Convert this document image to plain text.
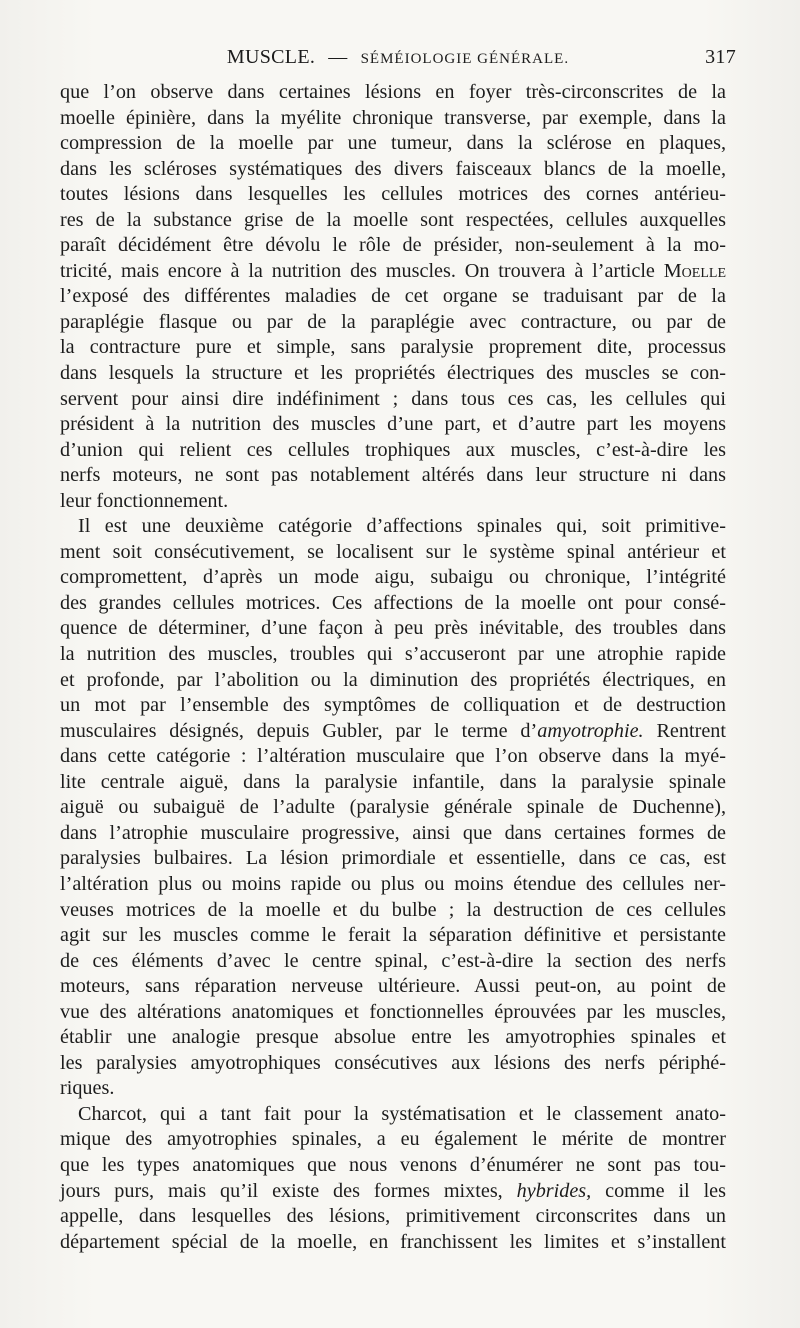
MUSCLE. — SÉMÉIOLOGIE GÉNÉRALE.	317
que l’on observe dans certaines lésions en foyer très-circonscrites de la
moelle épinière, dans la myélite chronique transverse, par exemple, dans la
compression de la moelle par une tumeur, dans la sclérose en plaques,
dans les scléroses systématiques des divers faisceaux blancs de la moelle,
toutes lésions dans lesquelles les cellules motrices des cornes antérieu-
res de la substance grise de la moelle sont respectées, cellules auxquelles
paraît décidément être dévolu le rôle de présider, non-seulement à la mo-
tricité, mais encore à la nutrition des muscles. On trouvera à l’article Moelle
l’exposé des différentes maladies de cet organe se traduisant par de la
paraplégie flasque ou par de la paraplégie avec contracture, ou par de
la contracture pure et simple, sans paralysie proprement dite, processus
dans lesquels la structure et les propriétés électriques des muscles se con-
servent pour ainsi dire indéfiniment ; dans tous ces cas, les cellules qui
président à la nutrition des muscles d’une part, et d’autre part les moyens
d’union qui relient ces cellules trophiques aux muscles, c’est-à-dire les
nerfs moteurs, ne sont pas notablement altérés dans leur structure ni dans
leur fonctionnement.
Il est une deuxième catégorie d’affections spinales qui, soit primitive-
ment soit consécutivement, se localisent sur le système spinal antérieur et
compromettent, d’après un mode aigu, subaigu ou chronique, l’intégrité
des grandes cellules motrices. Ces affections de la moelle ont pour consé-
quence de déterminer, d’une façon à peu près inévitable, des troubles dans
la nutrition des muscles, troubles qui s’accuseront par une atrophie rapide
et profonde, par l’abolition ou la diminution des propriétés électriques, en
un mot par l’ensemble des symptômes de colliquation et de destruction
musculaires désignés, depuis Gubler, par le terme d’amyotrophie. Rentrent
dans cette catégorie : l’altération musculaire que l’on observe dans la myé-
lite centrale aiguë, dans la paralysie infantile, dans la paralysie spinale
aiguë ou subaiguë de l’adulte (paralysie générale spinale de Duchenne),
dans l’atrophie musculaire progressive, ainsi que dans certaines formes de
paralysies bulbaires. La lésion primordiale et essentielle, dans ce cas, est
l’altération plus ou moins rapide ou plus ou moins étendue des cellules ner-
veuses motrices de la moelle et du bulbe ; la destruction de ces cellules
agit sur les muscles comme le ferait la séparation définitive et persistante
de ces éléments d’avec le centre spinal, c’est-à-dire la section des nerfs
moteurs, sans réparation nerveuse ultérieure. Aussi peut-on, au point de
vue des altérations anatomiques et fonctionnelles éprouvées par les muscles,
établir une analogie presque absolue entre les amyotrophies spinales et
les paralysies amyotrophiques consécutives aux lésions des nerfs périphé-
riques.
Charcot, qui a tant fait pour la systématisation et le classement anato-
mique des amyotrophies spinales, a eu également le mérite de montrer
que les types anatomiques que nous venons d’énumérer ne sont pas tou-
jours purs, mais qu’il existe des formes mixtes, hybrides, comme il les
appelle, dans lesquelles des lésions, primitivement circonscrites dans un
département spécial de la moelle, en franchissent les limites et s’installent
